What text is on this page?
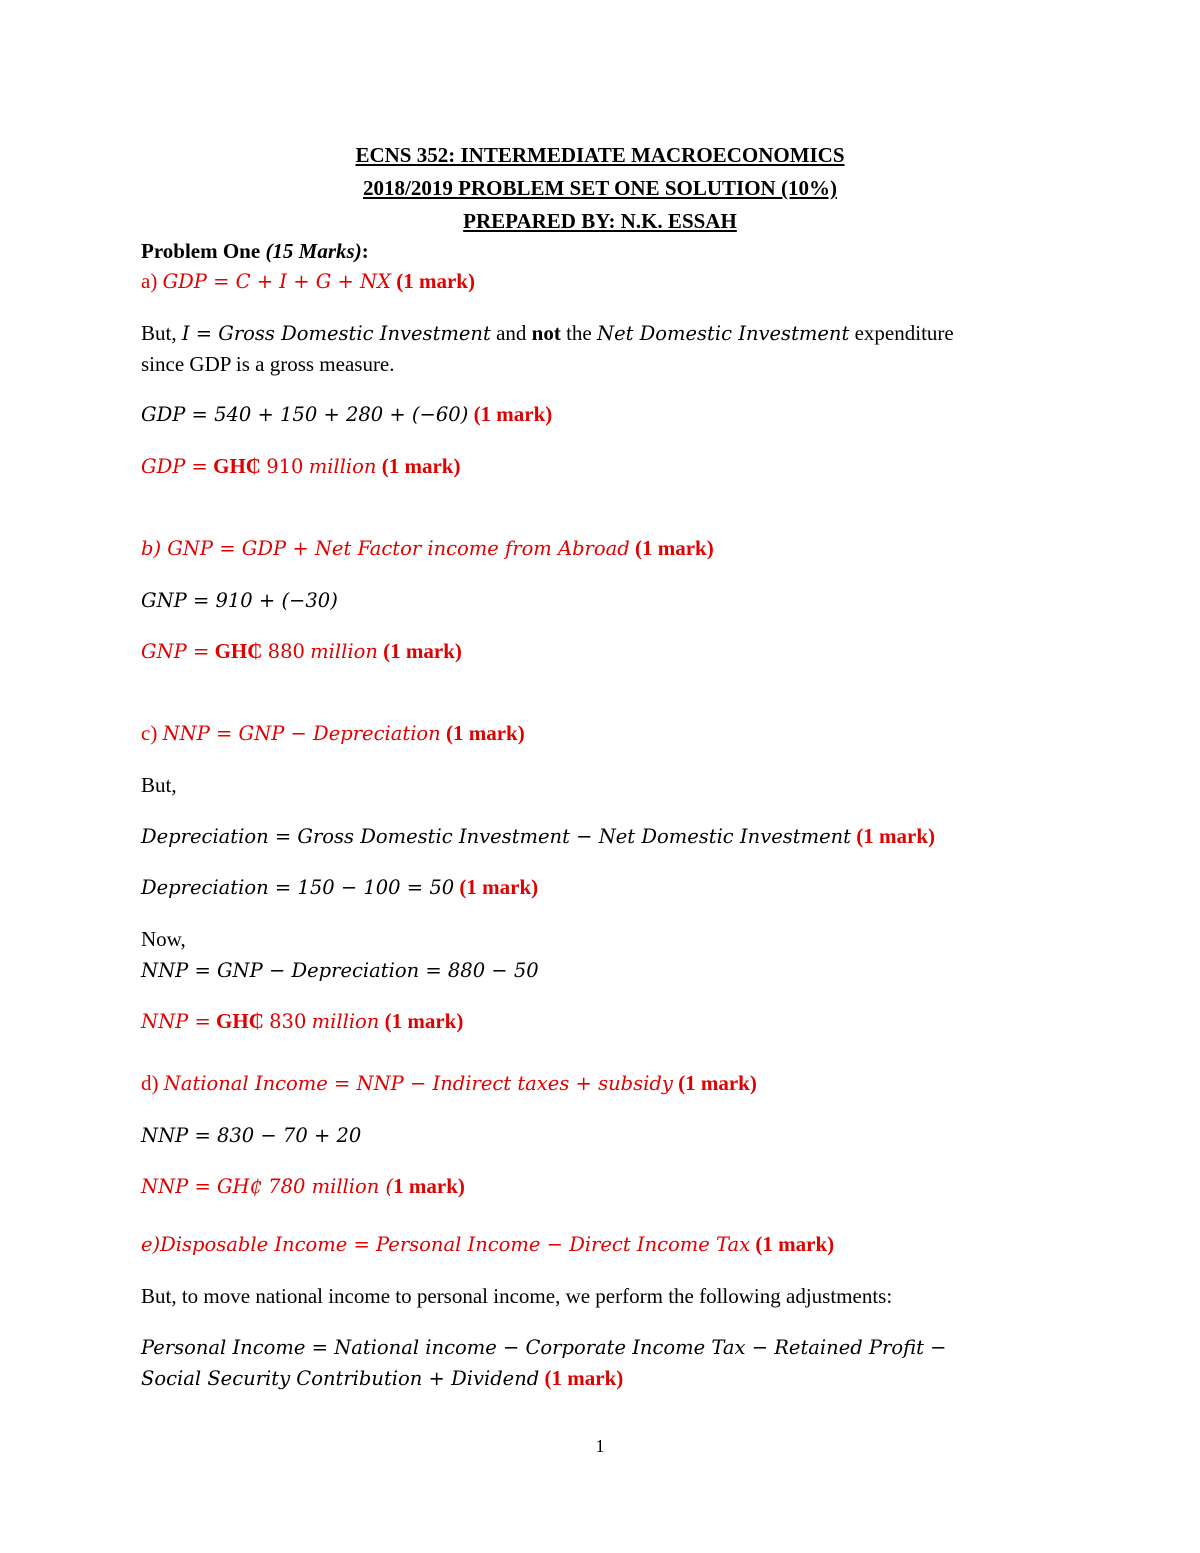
ECNS 352: INTERMEDIATE MACROECONOMICS
2018/2019 PROBLEM SET ONE SOLUTION (10%)
PREPARED BY: N.K. ESSAH
Problem One (15 Marks):
a) GDP = C + I + G + NX (1 mark)
But, I = Gross Domestic Investment and not the Net Domestic Investment expenditure
since GDP is a gross measure.
GDP = 540 + 150 + 280 + (−60) (1 mark)
GDP = GH₵ 910 million (1 mark)
b) GNP = GDP + Net Factor income from Abroad (1 mark)
GNP = 910 + (−30)
GNP = GH₵ 880 million (1 mark)
c) NNP = GNP − Depreciation (1 mark)
But,
Depreciation = Gross Domestic Investment − Net Domestic Investment (1 mark)
Depreciation = 150 − 100 = 50 (1 mark)
Now,
NNP = GNP − Depreciation = 880 − 50
NNP = GH₵ 830 million (1 mark)
d) National Income = NNP − Indirect taxes + subsidy (1 mark)
NNP = 830 − 70 + 20
NNP = GH₵ 780 million (1 mark)
e)Disposable Income = Personal Income − Direct Income Tax (1 mark)
But, to move national income to personal income, we perform the following adjustments:
Personal Income = National income − Corporate Income Tax − Retained Profit −
Social Security Contribution + Dividend (1 mark)
1
